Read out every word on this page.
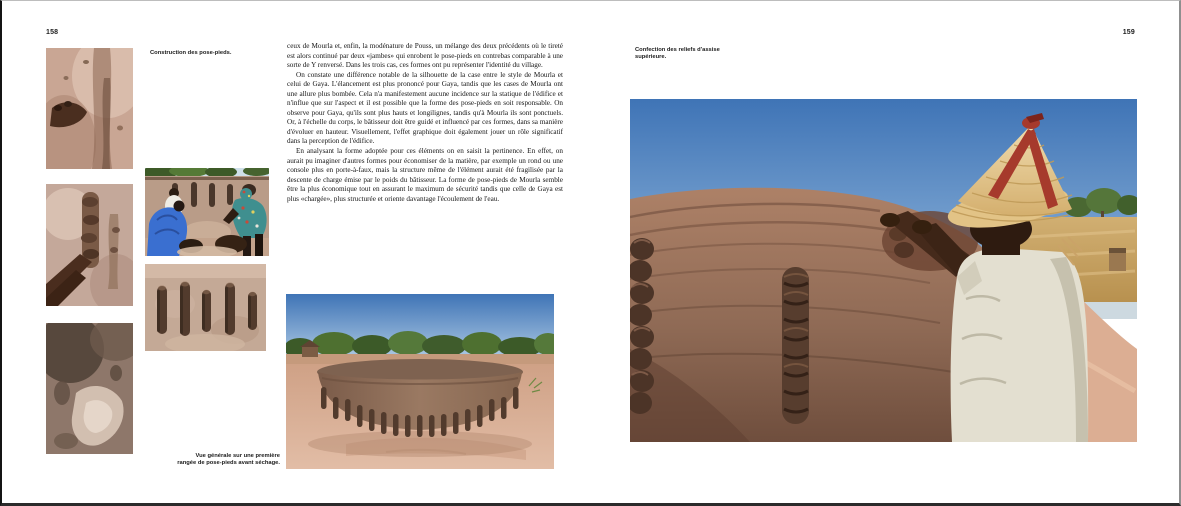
158
Construction des pose-pieds.

ceux de Mourla et, enfin, la modénature de Pouss, un mélange des deux précédents où le tireté est alors continué par deux «jambes» qui enrobent le pose-pieds en contrebas comparable à une sorte de Y renversé. Dans les trois cas, ces formes ont pu représenter l'identité du village.

On constate une différence notable de la silhouette de la case entre le style de Mourla et celui de Gaya. L'élancement est plus prononcé pour Gaya, tandis que les cases de Mourla ont une allure plus bombée. Cela n'a manifestement aucune incidence sur la statique de l'édifice et n'influe que sur l'aspect et il est possible que la forme des pose-pieds en soit responsable. On observe pour Gaya, qu'ils sont plus hauts et longilignes, tandis qu'à Mourla ils sont ponctuels. Or, à l'échelle du corps, le bâtisseur doit être guidé et influencé par ces formes, dans sa manière d'évoluer en hauteur. Visuellement, l'effet graphique doit également jouer un rôle significatif dans la perception de l'édifice.

En analysant la forme adoptée pour ces éléments on en saisit la pertinence. En effet, on aurait pu imaginer d'autres formes pour économiser de la matière, par exemple un rond ou une console plus en porte-à-faux, mais la structure même de l'élément aurait été fragilisée par la descente de charge émise par le poids du bâtisseur. La forme de pose-pieds de Mourla semble être la plus économique tout en assurant le maximum de sécurité tandis que celle de Gaya est plus «chargée», plus structurée et oriente davantage l'écoulement de l'eau.

Vue générale sur une première
rangée de pose-pieds avant séchage.
Confection des reliefs d'assise
supérieure.
159
